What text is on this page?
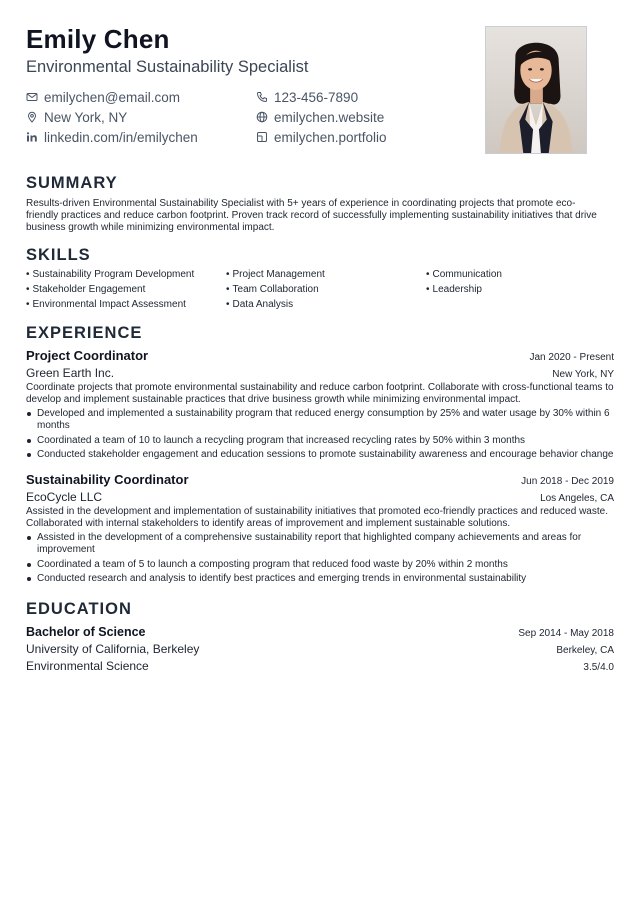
Emily Chen
Environmental Sustainability Specialist
emilychen@email.com	123-456-7890
New York, NY	emilychen.website
linkedin.com/in/emilychen	emilychen.portfolio
SUMMARY
Results-driven Environmental Sustainability Specialist with 5+ years of experience in coordinating projects that promote eco-friendly practices and reduce carbon footprint. Proven track record of successfully implementing sustainability initiatives that drive business growth while minimizing environmental impact.
SKILLS
• Sustainability Program Development	• Project Management	• Communication
• Stakeholder Engagement	• Team Collaboration	• Leadership
• Environmental Impact Assessment	• Data Analysis
EXPERIENCE
Project Coordinator	Jan 2020 - Present
Green Earth Inc.	New York, NY
Coordinate projects that promote environmental sustainability and reduce carbon footprint. Collaborate with cross-functional teams to develop and implement sustainable practices that drive business growth while minimizing environmental impact.
Developed and implemented a sustainability program that reduced energy consumption by 25% and water usage by 30% within 6 months
Coordinated a team of 10 to launch a recycling program that increased recycling rates by 50% within 3 months
Conducted stakeholder engagement and education sessions to promote sustainability awareness and encourage behavior change
Sustainability Coordinator	Jun 2018 - Dec 2019
EcoCycle LLC	Los Angeles, CA
Assisted in the development and implementation of sustainability initiatives that promoted eco-friendly practices and reduced waste. Collaborated with internal stakeholders to identify areas of improvement and implement sustainable solutions.
Assisted in the development of a comprehensive sustainability report that highlighted company achievements and areas for improvement
Coordinated a team of 5 to launch a composting program that reduced food waste by 20% within 2 months
Conducted research and analysis to identify best practices and emerging trends in environmental sustainability
EDUCATION
Bachelor of Science	Sep 2014 - May 2018
University of California, Berkeley	Berkeley, CA
Environmental Science	3.5/4.0
